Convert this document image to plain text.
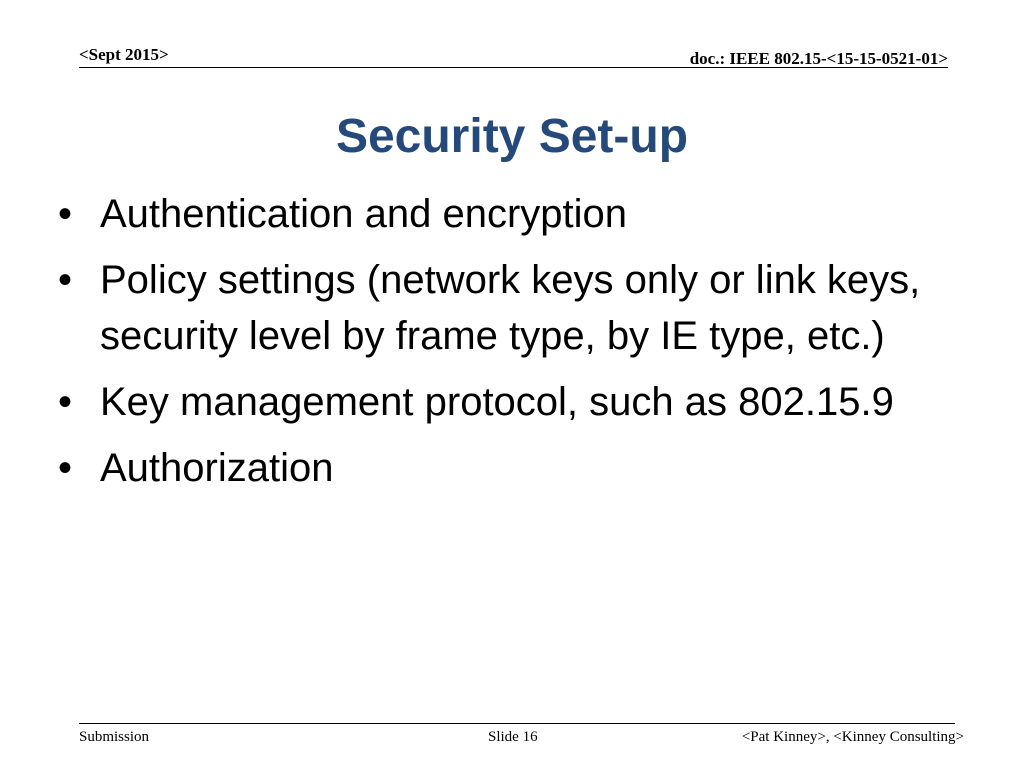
<Sept 2015>	doc.: IEEE 802.15-<15-15-0521-01>
Security Set-up
• Authentication and encryption
• Policy settings (network keys only or link keys, security level by frame type, by IE type, etc.)
• Key management protocol, such as 802.15.9
• Authorization
Submission	Slide 16	<Pat Kinney>, <Kinney Consulting>
